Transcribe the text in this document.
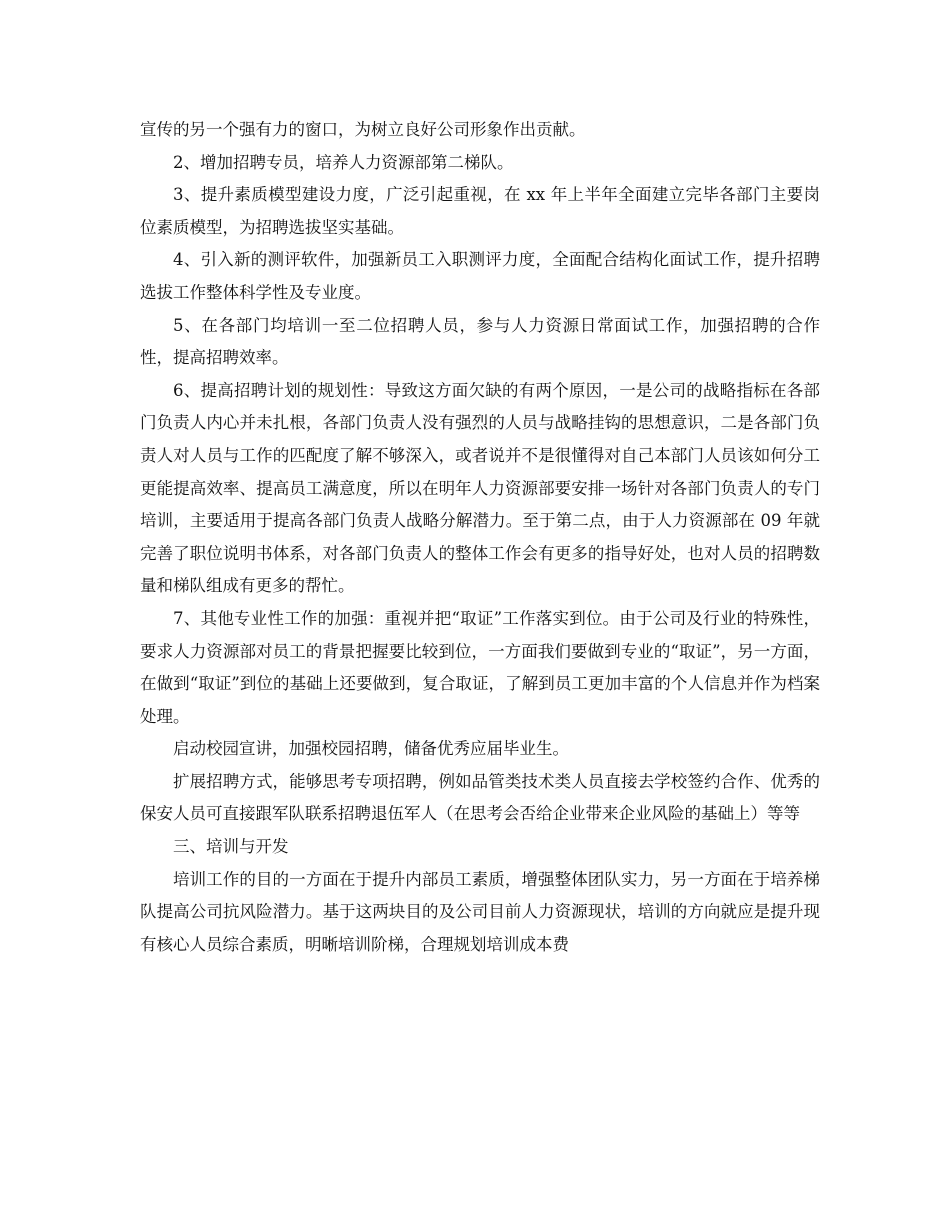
宣传的另一个强有力的窗口，为树立良好公司形象作出贡献。

2、增加招聘专员，培养人力资源部第二梯队。

3、提升素质模型建设力度，广泛引起重视，在 xx 年上半年全面建立完毕各部门主要岗位素质模型，为招聘选拔坚实基础。

4、引入新的测评软件，加强新员工入职测评力度，全面配合结构化面试工作，提升招聘选拔工作整体科学性及专业度。

5、在各部门均培训一至二位招聘人员，参与人力资源日常面试工作，加强招聘的合作性，提高招聘效率。

6、提高招聘计划的规划性：导致这方面欠缺的有两个原因，一是公司的战略指标在各部门负责人内心并未扎根，各部门负责人没有强烈的人员与战略挂钩的思想意识，二是各部门负责人对人员与工作的匹配度了解不够深入，或者说并不是很懂得对自己本部门人员该如何分工更能提高效率、提高员工满意度，所以在明年人力资源部要安排一场针对各部门负责人的专门培训，主要适用于提高各部门负责人战略分解潜力。至于第二点，由于人力资源部在 09 年就完善了职位说明书体系，对各部门负责人的整体工作会有更多的指导好处，也对人员的招聘数量和梯队组成有更多的帮忙。

7、其他专业性工作的加强：重视并把“取证”工作落实到位。由于公司及行业的特殊性，要求人力资源部对员工的背景把握要比较到位，一方面我们要做到专业的“取证”，另一方面，在做到“取证”到位的基础上还要做到，复合取证，了解到员工更加丰富的个人信息并作为档案处理。

启动校园宣讲，加强校园招聘，储备优秀应届毕业生。

扩展招聘方式，能够思考专项招聘，例如品管类技术类人员直接去学校签约合作、优秀的保安人员可直接跟军队联系招聘退伍军人（在思考会否给企业带来企业风险的基础上）等等

三、培训与开发

培训工作的目的一方面在于提升内部员工素质，增强整体团队实力，另一方面在于培养梯队提高公司抗风险潜力。基于这两块目的及公司目前人力资源现状，培训的方向就应是提升现有核心人员综合素质，明晰培训阶梯，合理规划培训成本费
